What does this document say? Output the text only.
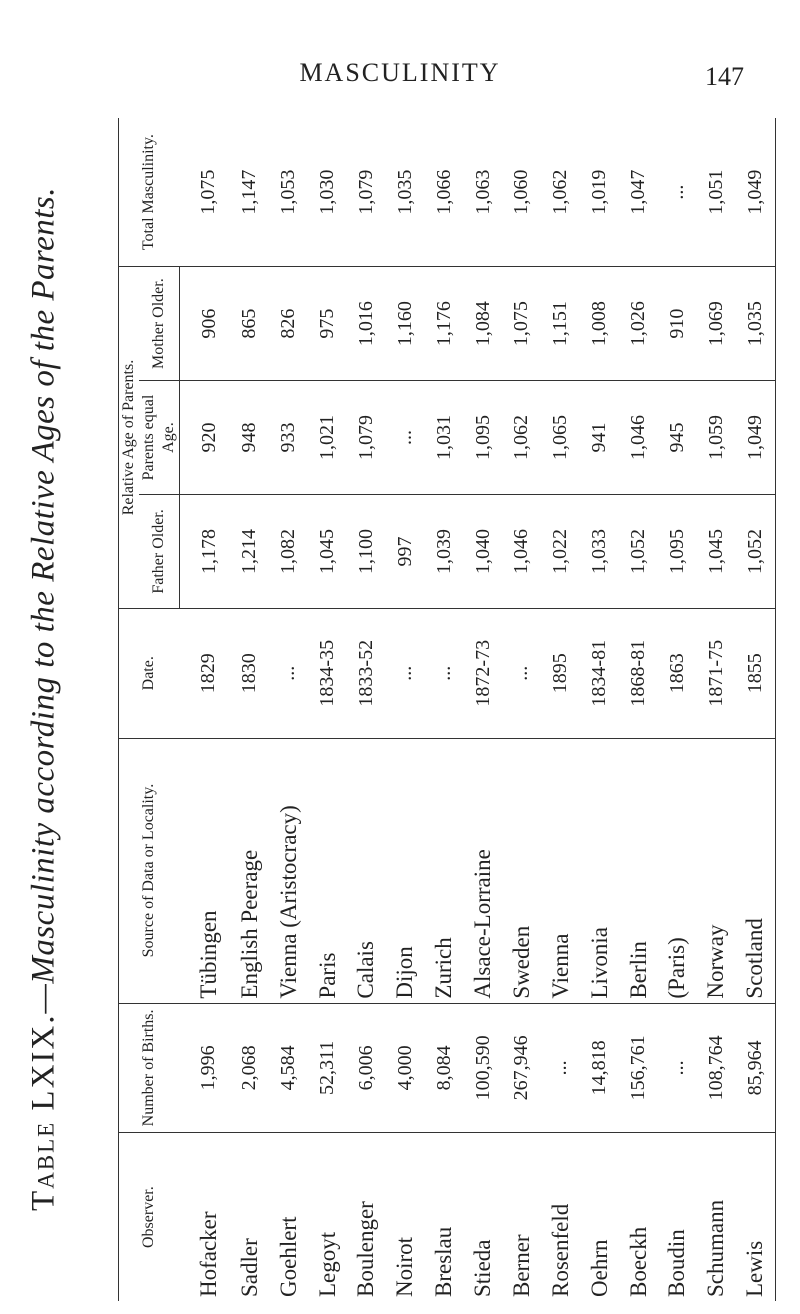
MASCULINITY	147
Table LXIX.—Masculinity according to the Relative Ages of the Parents.
Observer.	Number of Births.	Source of Data or Locality.	Date.	Relative Age of Parents.			Total Masculinity.

				Father Older.	Parents equal Age.	Mother Older.	
Hofacker	1,996	Tübingen	1829	1,178	920	906	1,075
Sadler	2,068	English Peerage	1830	1,214	948	865	1,147
Goehlert	4,584	Vienna (Aristocracy)	...	1,082	933	826	1,053
Legoyt	52,311	Paris	1834-35	1,045	1,021	975	1,030
Boulenger	6,006	Calais	1833-52	1,100	1,079	1,016	1,079
Noirot	4,000	Dijon	...	997	...	1,160	1,035
Breslau	8,084	Zurich	...	1,039	1,031	1,176	1,066
Stieda	100,590	Alsace-Lorraine	1872-73	1,040	1,095	1,084	1,063
Berner	267,946	Sweden	...	1,046	1,062	1,075	1,060
Rosenfeld	...	Vienna	1895	1,022	1,065	1,151	1,062
Oehrn	14,818	Livonia	1834-81	1,033	941	1,008	1,019
Boeckh	156,761	Berlin	1868-81	1,052	1,046	1,026	1,047
Boudin	...	(Paris)	1863	1,095	945	910	...
Schumann	108,764	Norway	1871-75	1,045	1,059	1,069	1,051
Lewis	85,964	Scotland	1855	1,052	1,049	1,035	1,049
